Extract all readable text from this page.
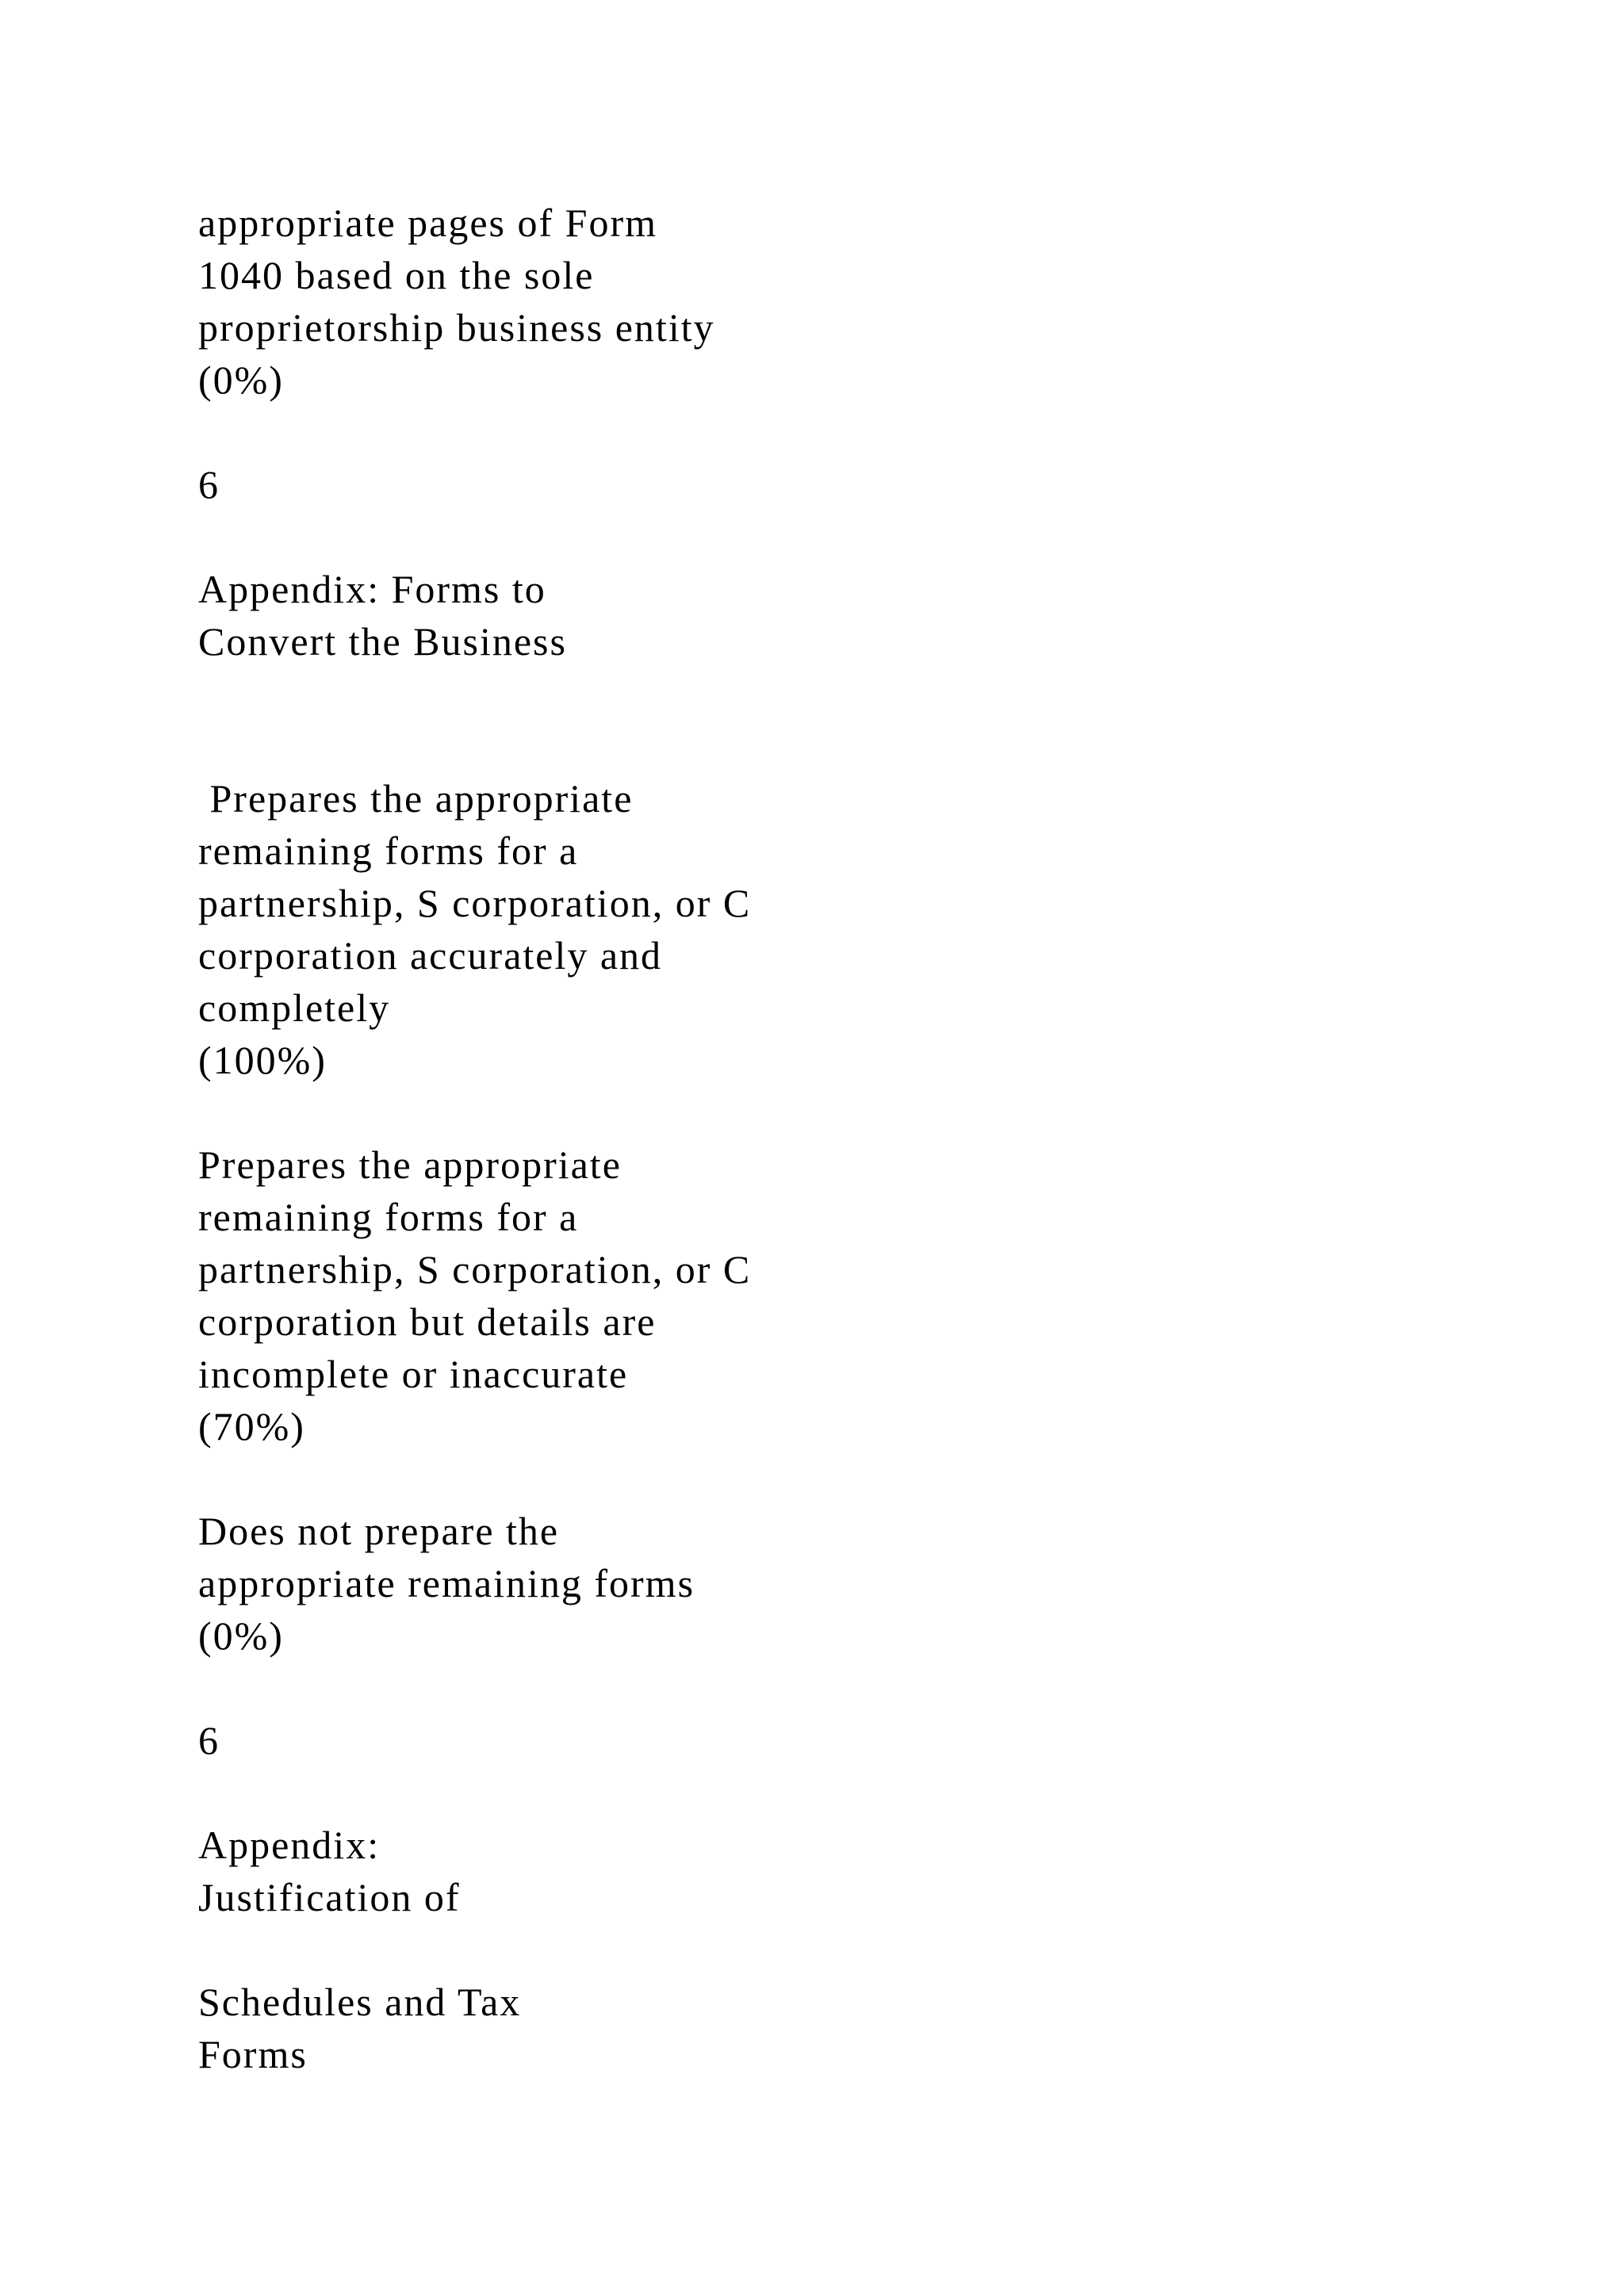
appropriate pages of Form
1040 based on the sole
proprietorship business entity
(0%)
6
Appendix: Forms to
Convert the Business
Prepares the appropriate
remaining forms for a
partnership, S corporation, or C
corporation accurately and
completely
(100%)
Prepares the appropriate
remaining forms for a
partnership, S corporation, or C
corporation but details are
incomplete or inaccurate
(70%)
Does not prepare the
appropriate remaining forms
(0%)
6
Appendix:
Justification of
Schedules and Tax
Forms
